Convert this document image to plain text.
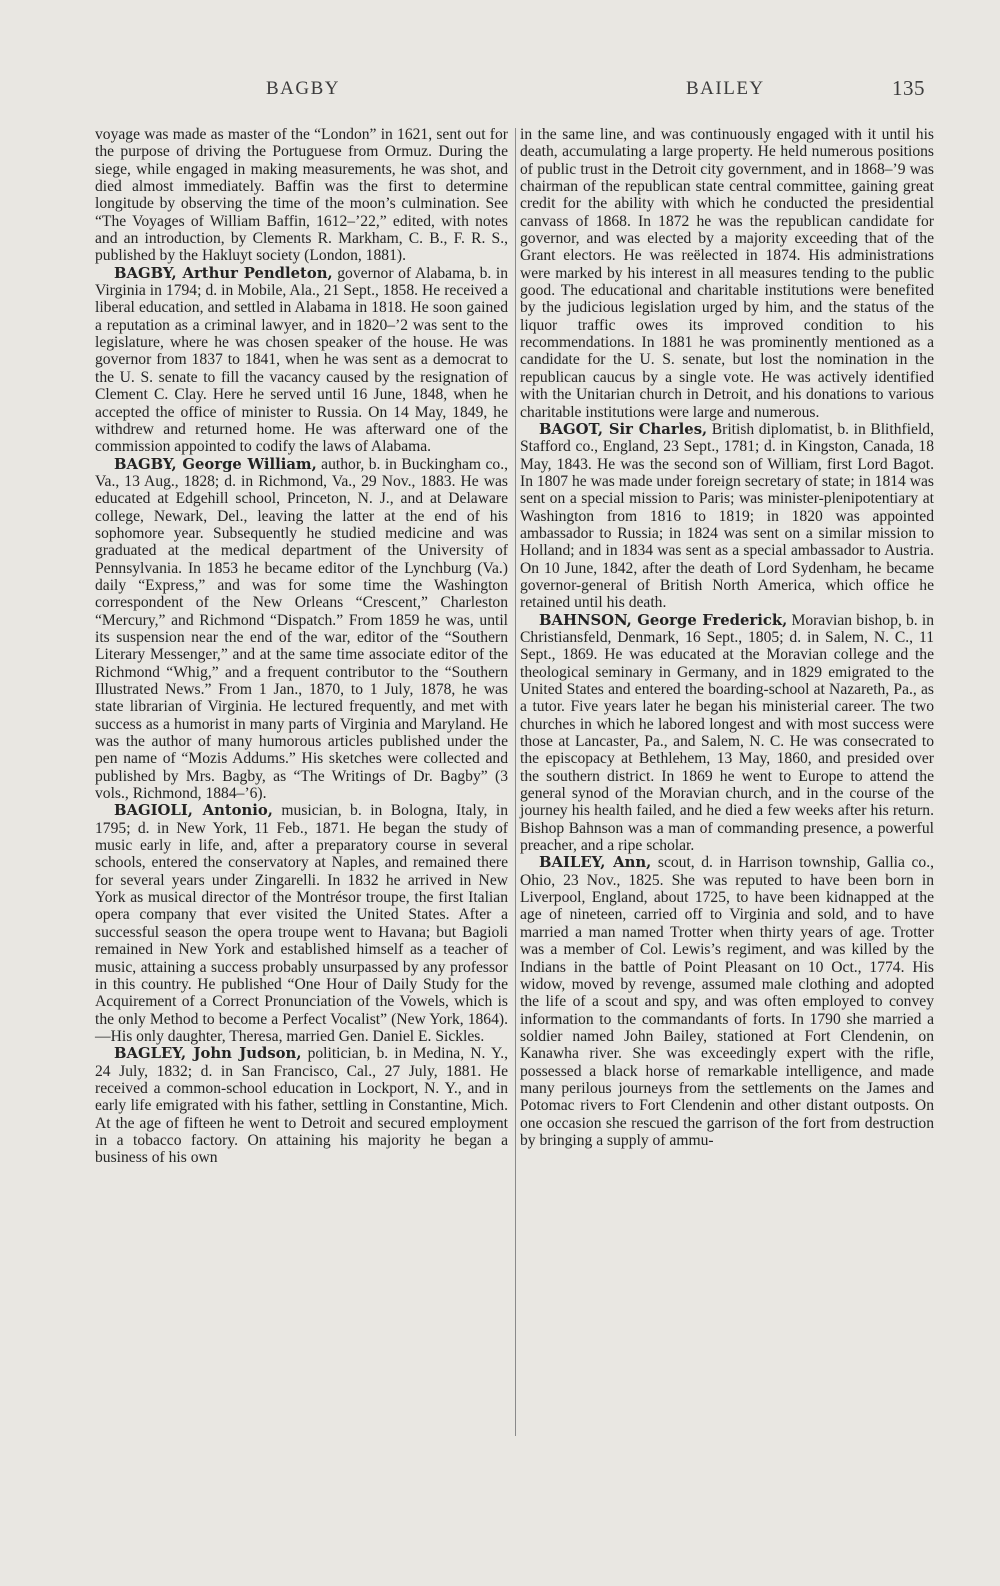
BAGBY	BAILEY	135

voyage was made as master of the “London” in 1621, sent out for the purpose of driving the Portuguese from Ormuz. During the siege, while engaged in making measurements, he was shot, and died almost immediately. Baffin was the first to determine longitude by observing the time of the moon’s culmination. See “The Voyages of William Baffin, 1612–’22,” edited, with notes and an introduction, by Clements R. Markham, C. B., F. R. S., published by the Hakluyt society (London, 1881).

BAGBY, Arthur Pendleton, governor of Alabama, b. in Virginia in 1794; d. in Mobile, Ala., 21 Sept., 1858. He received a liberal education, and settled in Alabama in 1818. He soon gained a reputation as a criminal lawyer, and in 1820–’2 was sent to the legislature, where he was chosen speaker of the house. He was governor from 1837 to 1841, when he was sent as a democrat to the U. S. senate to fill the vacancy caused by the resignation of Clement C. Clay. Here he served until 16 June, 1848, when he accepted the office of minister to Russia. On 14 May, 1849, he withdrew and returned home. He was afterward one of the commission appointed to codify the laws of Alabama.

BAGBY, George William, author, b. in Buckingham co., Va., 13 Aug., 1828; d. in Richmond, Va., 29 Nov., 1883. He was educated at Edgehill school, Princeton, N. J., and at Delaware college, Newark, Del., leaving the latter at the end of his sophomore year. Subsequently he studied medicine and was graduated at the medical department of the University of Pennsylvania. In 1853 he became editor of the Lynchburg (Va.) daily “Express,” and was for some time the Washington correspondent of the New Orleans “Crescent,” Charleston “Mercury,” and Richmond “Dispatch.” From 1859 he was, until its suspension near the end of the war, editor of the “Southern Literary Messenger,” and at the same time associate editor of the Richmond “Whig,” and a frequent contributor to the “Southern Illustrated News.” From 1 Jan., 1870, to 1 July, 1878, he was state librarian of Virginia. He lectured frequently, and met with success as a humorist in many parts of Virginia and Maryland. He was the author of many humorous articles published under the pen name of “Mozis Addums.” His sketches were collected and published by Mrs. Bagby, as “The Writings of Dr. Bagby” (3 vols., Richmond, 1884–’6).

BAGIOLI, Antonio, musician, b. in Bologna, Italy, in 1795; d. in New York, 11 Feb., 1871. He began the study of music early in life, and, after a preparatory course in several schools, entered the conservatory at Naples, and remained there for several years under Zingarelli. In 1832 he arrived in New York as musical director of the Montrésor troupe, the first Italian opera company that ever visited the United States. After a successful season the opera troupe went to Havana; but Bagioli remained in New York and established himself as a teacher of music, attaining a success probably unsurpassed by any professor in this country. He published “One Hour of Daily Study for the Acquirement of a Correct Pronunciation of the Vowels, which is the only Method to become a Perfect Vocalist” (New York, 1864).—His only daughter, Theresa, married Gen. Daniel E. Sickles.

BAGLEY, John Judson, politician, b. in Medina, N. Y., 24 July, 1832; d. in San Francisco, Cal., 27 July, 1881. He received a common-school education in Lockport, N. Y., and in early life emigrated with his father, settling in Constantine, Mich. At the age of fifteen he went to Detroit and secured employment in a tobacco factory. On attaining his majority he began a business of his own

in the same line, and was continuously engaged with it until his death, accumulating a large property. He held numerous positions of public trust in the Detroit city government, and in 1868–’9 was chairman of the republican state central committee, gaining great credit for the ability with which he conducted the presidential canvass of 1868. In 1872 he was the republican candidate for governor, and was elected by a majority exceeding that of the Grant electors. He was reëlected in 1874. His administrations were marked by his interest in all measures tending to the public good. The educational and charitable institutions were benefited by the judicious legislation urged by him, and the status of the liquor traffic owes its improved condition to his recommendations. In 1881 he was prominently mentioned as a candidate for the U. S. senate, but lost the nomination in the republican caucus by a single vote. He was actively identified with the Unitarian church in Detroit, and his donations to various charitable institutions were large and numerous.

BAGOT, Sir Charles, British diplomatist, b. in Blithfield, Stafford co., England, 23 Sept., 1781; d. in Kingston, Canada, 18 May, 1843. He was the second son of William, first Lord Bagot. In 1807 he was made under foreign secretary of state; in 1814 was sent on a special mission to Paris; was minister-plenipotentiary at Washington from 1816 to 1819; in 1820 was appointed ambassador to Russia; in 1824 was sent on a similar mission to Holland; and in 1834 was sent as a special ambassador to Austria. On 10 June, 1842, after the death of Lord Sydenham, he became governor-general of British North America, which office he retained until his death.

BAHNSON, George Frederick, Moravian bishop, b. in Christiansfeld, Denmark, 16 Sept., 1805; d. in Salem, N. C., 11 Sept., 1869. He was educated at the Moravian college and the theological seminary in Germany, and in 1829 emigrated to the United States and entered the boarding-school at Nazareth, Pa., as a tutor. Five years later he began his ministerial career. The two churches in which he labored longest and with most success were those at Lancaster, Pa., and Salem, N. C. He was consecrated to the episcopacy at Bethlehem, 13 May, 1860, and presided over the southern district. In 1869 he went to Europe to attend the general synod of the Moravian church, and in the course of the journey his health failed, and he died a few weeks after his return. Bishop Bahnson was a man of commanding presence, a powerful preacher, and a ripe scholar.

BAILEY, Ann, scout, d. in Harrison township, Gallia co., Ohio, 23 Nov., 1825. She was reputed to have been born in Liverpool, England, about 1725, to have been kidnapped at the age of nineteen, carried off to Virginia and sold, and to have married a man named Trotter when thirty years of age. Trotter was a member of Col. Lewis’s regiment, and was killed by the Indians in the battle of Point Pleasant on 10 Oct., 1774. His widow, moved by revenge, assumed male clothing and adopted the life of a scout and spy, and was often employed to convey information to the commandants of forts. In 1790 she married a soldier named John Bailey, stationed at Fort Clendenin, on Kanawha river. She was exceedingly expert with the rifle, possessed a black horse of remarkable intelligence, and made many perilous journeys from the settlements on the James and Potomac rivers to Fort Clendenin and other distant outposts. On one occasion she rescued the garrison of the fort from destruction by bringing a supply of ammu-
